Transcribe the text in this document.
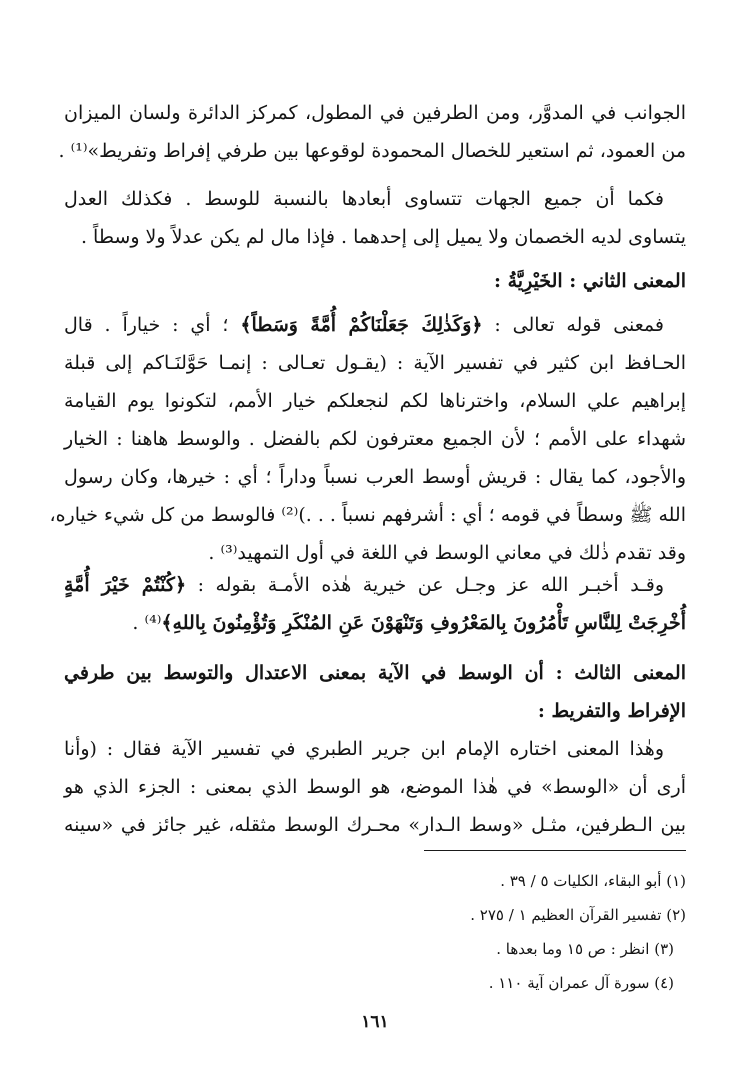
الجوانب في المدوَّر، ومن الطرفين في المطول، كمركز الدائرة ولسان الميزان
من العمود، ثم استعير للخصال المحمودة لوقوعها بين طرفي إفراط وتفريط»⁽¹⁾ .
فكما أن جميع الجهات تتساوى أبعادها بالنسبة للوسط . فكذلك العدل
يتساوى لديه الخصمان ولا يميل إلى إحدهما . فإذا مال لم يكن عدلاً ولا وسطاً .
المعنى الثاني : الخَيْرِيَّةُ :
فمعنى قوله تعالى : ﴿وَكَذٰلِكَ جَعَلْنَاكُمْ أُمَّةً وَسَطاً﴾ ؛ أي : خياراً . قال
الحـافظ ابن كثير في تفسير الآية : (يقـول تعـالى : إنمـا حَوَّلنَـاكم إلى قبلة
إبراهيم علي السلام، واخترناها لكم لنجعلكم خيار الأمم، لتكونوا يوم القيامة
شهداء على الأمم ؛ لأن الجميع معترفون لكم بالفضل . والوسط هاهنا : الخيار
والأجود، كما يقال : قريش أوسط العرب نسباً وداراً ؛ أي : خيرها، وكان رسول
الله ﷺ وسطاً في قومه ؛ أي : أشرفهم نسباً . . .)⁽²⁾ فالوسط من كل شيء خياره،
وقد تقدم ذٰلك في معاني الوسط في اللغة في أول التمهيد⁽³⁾ .
وقـد أخبـر الله عز وجـل عن خيرية هٰذه الأمـة بقوله : ﴿كُنْتُمْ خَيْرَ أُمَّةٍ
أُخْرِجَتْ لِلنَّاسِ تَأْمُرُونَ بِالمَعْرُوفِ وَتَنْهَوْنَ عَنِ المُنْكَرِ وَتُؤْمِنُونَ بِاللهِ﴾⁽⁴⁾ .
المعنى الثالث : أن الوسط في الآية بمعنى الاعتدال والتوسط بين طرفي
الإفراط والتفريط :
وهٰذا المعنى اختاره الإمام ابن جرير الطبري في تفسير الآية فقال : (وأنا
أرى أن «الوسط» في هٰذا الموضع، هو الوسط الذي بمعنى : الجزء الذي هو
بين الـطرفين، مثـل «وسط الـدار» محـرك الوسط مثقله، غير جائز في «سينه
(١) أبو البقاء، الكليات ٥ / ٣٩ .
(٢) تفسير القرآن العظيم ١ / ٢٧٥ .
(٣) انظر : ص ١٥ وما بعدها .
(٤) سورة آل عمران آية ١١٠ .
١٦١
